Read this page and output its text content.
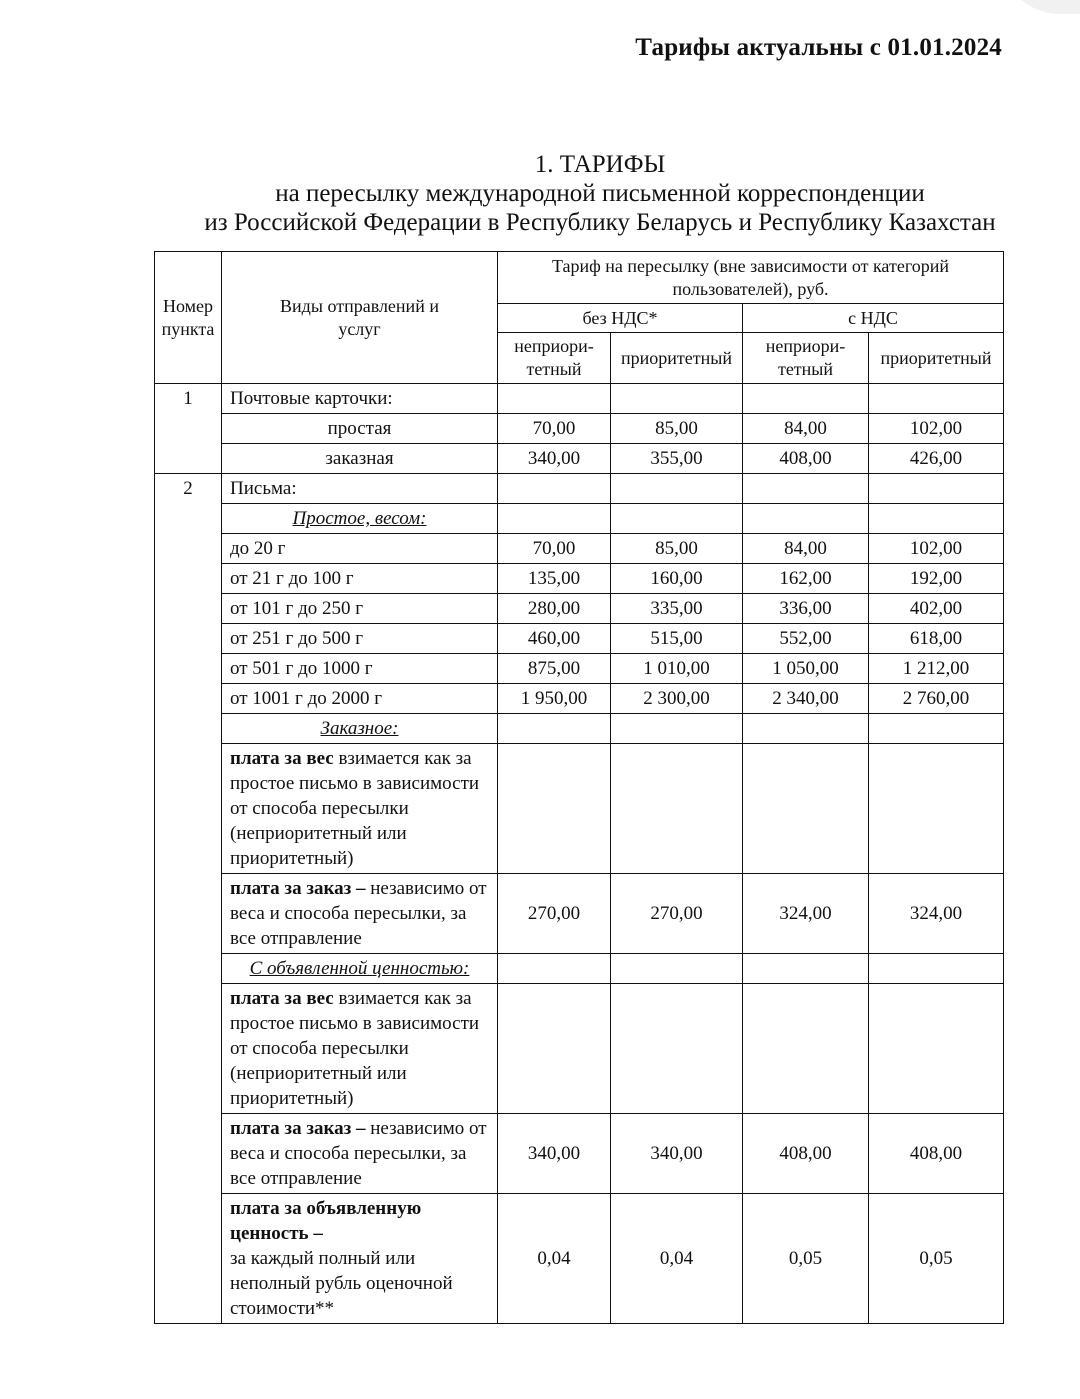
Тарифы актуальны с 01.01.2024
1. ТАРИФЫ
на пересылку международной письменной корреспонденции
из Российской Федерации в Республику Беларусь и Республику Казахстан
Номер пункта	Виды отправлений и услуг	Тариф на пересылку (вне зависимости от категорий пользователей), руб.			
		без НДС*		с НДС	
		неприори-тетный	приоритетный	неприори-тетный	приоритетный
1	Почтовые карточки:				
	простая	70,00	85,00	84,00	102,00
	заказная	340,00	355,00	408,00	426,00
2	Письма:				
	Простое, весом:				
	до 20 г	70,00	85,00	84,00	102,00
	от 21 г до 100 г	135,00	160,00	162,00	192,00
	от 101 г до 250 г	280,00	335,00	336,00	402,00
	от 251 г до 500 г	460,00	515,00	552,00	618,00
	от 501 г до 1000 г	875,00	1 010,00	1 050,00	1 212,00
	от 1001 г до 2000 г	1 950,00	2 300,00	2 340,00	2 760,00
	Заказное:				
	плата за вес взимается как за простое письмо в зависимости от способа пересылки (неприоритетный или приоритетный)				
	плата за заказ – независимо от веса и способа пересылки, за все отправление	270,00	270,00	324,00	324,00
	С объявленной ценностью:				
	плата за вес взимается как за простое письмо в зависимости от способа пересылки (неприоритетный или приоритетный)				
	плата за заказ – независимо от веса и способа пересылки, за все отправление	340,00	340,00	408,00	408,00

	плата за объявленную ценность –
за каждый полный или неполный рубль оценочной стоимости**	0,04	0,04	0,05	0,05
